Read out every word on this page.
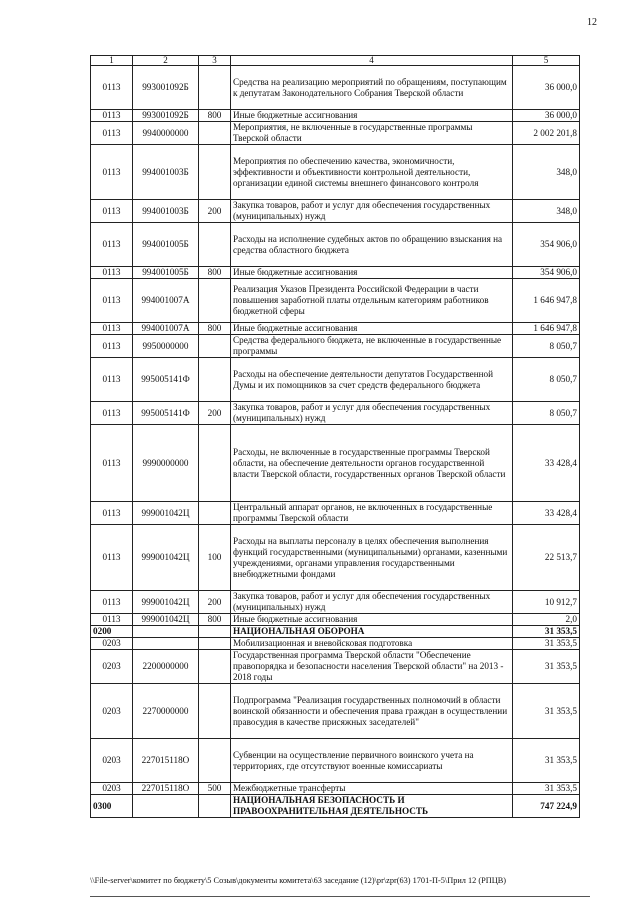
12
1	2	3	4	5
0113	993001092Б		Средства на реализацию мероприятий по обращениям, поступающим к депутатам Законодательного Собрания Тверской области	36 000,0
0113	993001092Б	800	Иные бюджетные ассигнования	36 000,0
0113	9940000000		Мероприятия, не включенные в государственные программы Тверской области	2 002 201,8
0113	994001003Б		Мероприятия по обеспечению качества, экономичности, эффективности и объективности контрольной деятельности, организации единой системы внешнего финансового контроля	348,0
0113	994001003Б	200	Закупка товаров, работ и услуг для обеспечения государственных (муниципальных) нужд	348,0
0113	994001005Б		Расходы на исполнение судебных актов по обращению взыскания на средства областного бюджета	354 906,0
0113	994001005Б	800	Иные бюджетные ассигнования	354 906,0
0113	994001007А		Реализация Указов Президента Российской Федерации в части повышения заработной платы отдельным категориям работников бюджетной сферы	1 646 947,8
0113	994001007А	800	Иные бюджетные ассигнования	1 646 947,8
0113	9950000000		Средства федерального бюджета, не включенные в государственные программы	8 050,7
0113	995005141Ф		Расходы на обеспечение деятельности депутатов Государственной Думы и их помощников за счет средств федерального бюджета	8 050,7
0113	995005141Ф	200	Закупка товаров, работ и услуг для обеспечения государственных (муниципальных) нужд	8 050,7
0113	9990000000		Расходы, не включенные в государственные программы Тверской области, на обеспечение деятельности органов государственной власти Тверской области, государственных органов Тверской области	33 428,4
0113	999001042Ц		Центральный аппарат органов, не включенных в государственные программы Тверской области	33 428,4
0113	999001042Ц	100	Расходы на выплаты персоналу в целях обеспечения выполнения функций государственными (муниципальными) органами, казенными учреждениями, органами управления государственными внебюджетными фондами	22 513,7
0113	999001042Ц	200	Закупка товаров, работ и услуг для обеспечения государственных (муниципальных) нужд	10 912,7
0113	999001042Ц	800	Иные бюджетные ассигнования	2,0
0200			НАЦИОНАЛЬНАЯ ОБОРОНА	31 353,5
0203			Мобилизационная и вневойсковая подготовка	31 353,5
0203	2200000000		Государственная программа Тверской области "Обеспечение правопорядка и безопасности населения Тверской области" на 2013 - 2018 годы	31 353,5
0203	2270000000		Подпрограмма "Реализация государственных полномочий в области воинской обязанности и обеспечения права граждан в осуществлении правосудия в качестве присяжных заседателей"	31 353,5
0203	227015118О		Субвенции на осуществление первичного воинского учета на территориях, где отсутствуют военные комиссариаты	31 353,5
0203	227015118О	500	Межбюджетные трансферты	31 353,5
0300			НАЦИОНАЛЬНАЯ БЕЗОПАСНОСТЬ И ПРАВООХРАНИТЕЛЬНАЯ ДЕЯТЕЛЬНОСТЬ	747 224,9
\\File-server\комитет по бюджету\5 Созыв\документы комитета\63 заседание (12)\pr\zpr(63) 1701-П-5\Прил 12 (РПЦВ)
